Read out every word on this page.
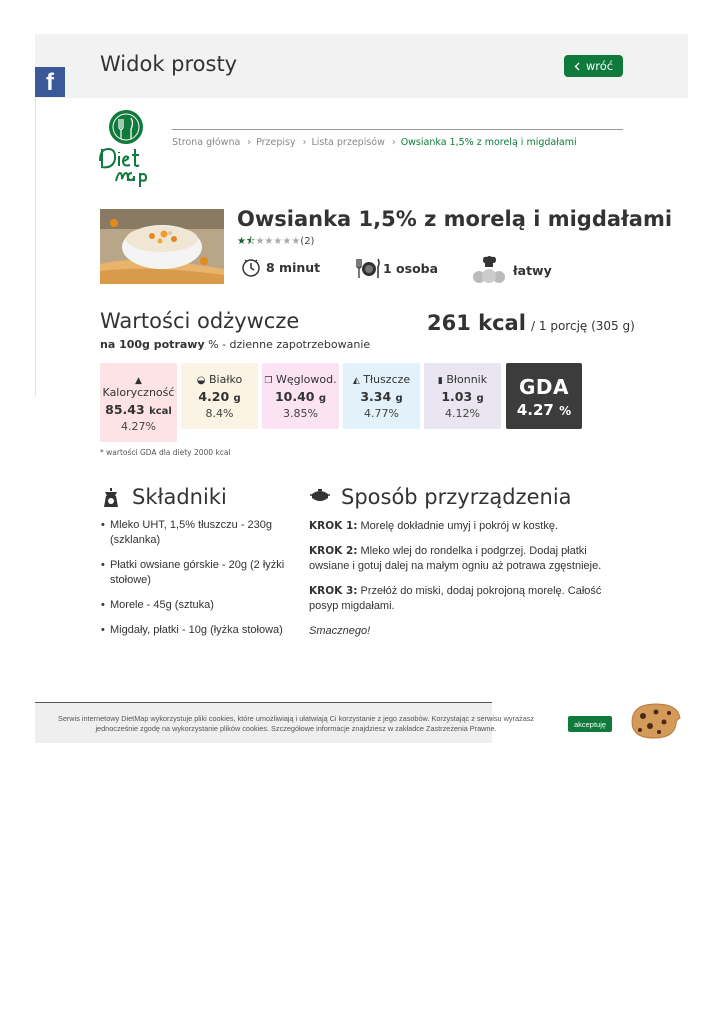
Widok prosty	wróć
f
Strona główna › Przepisy › Lista przepisów › Owsianka 1,5% z morelą i migdałami
Owsianka 1,5% z morelą i migdałami
★ ⯪ ★ ★ ★ ★ ★ (2)
8 minut	1 osoba	łatwy
Wartości odżywcze	261 kcal / 1 porcję (305 g)
na 100g potrawy % - dzienne zapotrzebowanie
▲
Kaloryczność
85.43 kcal
4.27%
◒ Białko
4.20 g
8.4%
❒ Węglowod.
10.40 g
3.85%
◭ Tłuszcze
3.34 g
4.77%
▮ Błonnik
1.03 g
4.12%
GDA
4.27 %
* wartości GDA dla diety 2000 kcal
Składniki
• Mleko UHT, 1,5% tłuszczu - 230g (szklanka)
• Płatki owsiane górskie - 20g (2 łyżki stołowe)
• Morele - 45g (sztuka)
• Migdały, płatki - 10g (łyżka stołowa)
Sposób przyrządzenia

KROK 1: Morelę dokładnie umyj i pokrój w kostkę.

KROK 2: Mleko wlej do rondelka i podgrzej. Dodaj płatki owsiane i gotuj dalej na małym ogniu aż potrawa zgęstnieje.

KROK 3: Przełóż do miski, dodaj pokrojoną morelę. Całość posyp migdałami.

Smacznego!

Serwis internetowy DietMap wykorzystuje pliki cookies, które umożliwiają i ułatwiają Ci korzystanie z jego zasobów. Korzystając z serwisu wyrażasz jednocześnie zgodę na wykorzystanie plików cookies. Szczegółowe informacje znajdziesz w zakładce Zastrzeżenia Prawne.	akceptuję
